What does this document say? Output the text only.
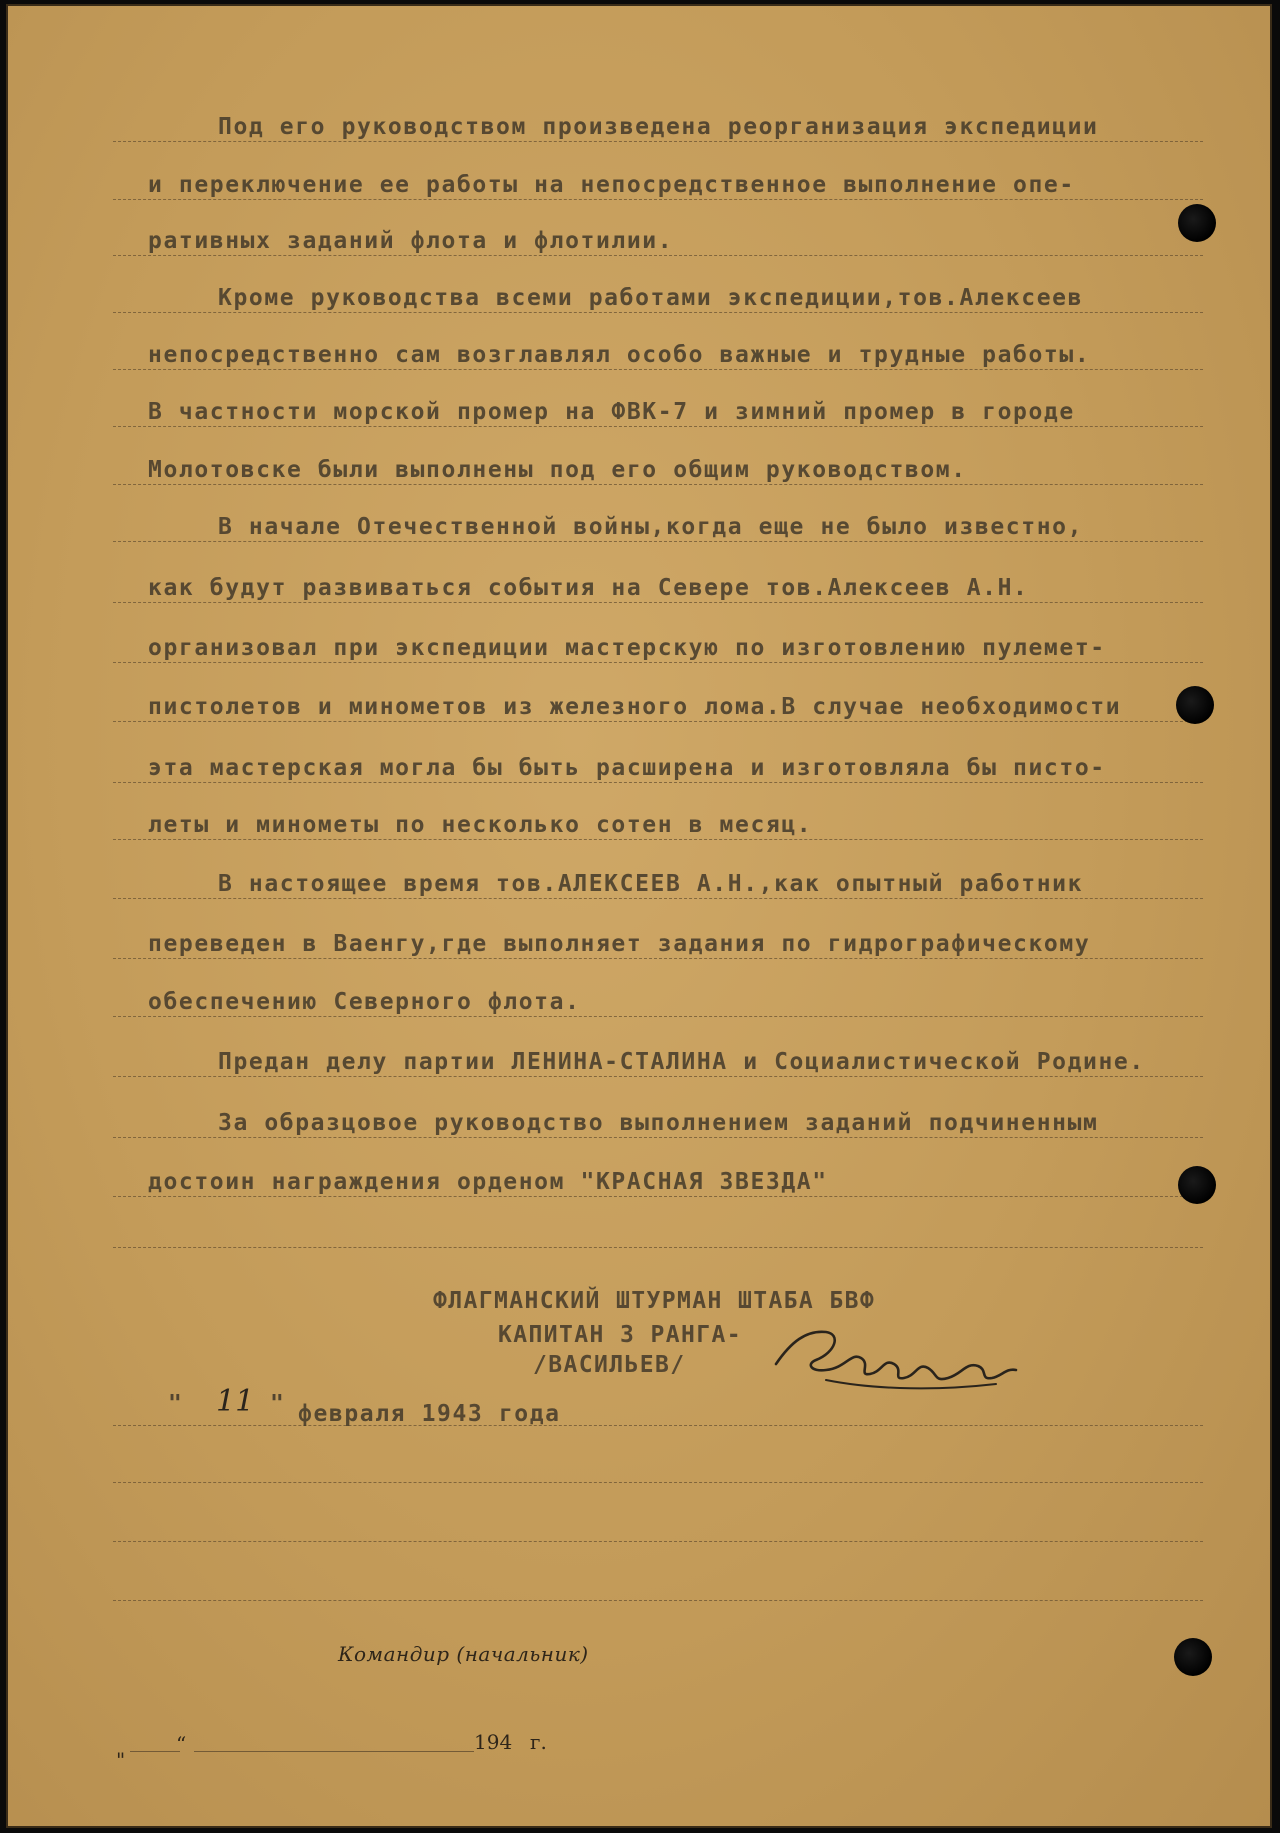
Под его руководством произведена реорганизация экспедиции
и переключение ее работы на непосредственное выполнение опе-
ративных заданий флота и флотилии.
Кроме руководства всеми работами экспедиции,тов.Алексеев
непосредственно сам возглавлял особо важные и трудные работы.
В частности морской промер на ФВК-7 и зимний промер в городе
Молотовске были выполнены под его общим руководством.
В начале Отечественной войны,когда еще не было известно,
как будут развиваться события на Севере тов.Алексеев А.Н.
организовал при экспедиции мастерскую по изготовлению пулемет-
пистолетов и минометов из железного лома.В случае необходимости
эта мастерская могла бы быть расширена и изготовляла бы писто-
леты и минометы по несколько сотен в месяц.
В настоящее время тов.АЛЕКСЕЕВ А.Н.,как опытный работник
переведен в Ваенгу,где выполняет задания по гидрографическому
обеспечению Северного флота.
Предан делу партии ЛЕНИНА-СТАЛИНА и Социалистической Родине.
За образцовое руководство выполнением заданий подчиненным
достоин награждения орденом "КРАСНАЯ ЗВЕЗДА"
ФЛАГМАНСКИЙ ШТУРМАН ШТАБА БВФ
КАПИТАН 3 РАНГА-
/ВАСИЛЬЕВ/
" 11 " февраля 1943 года
Командир (начальник)
"
“	194 г.
